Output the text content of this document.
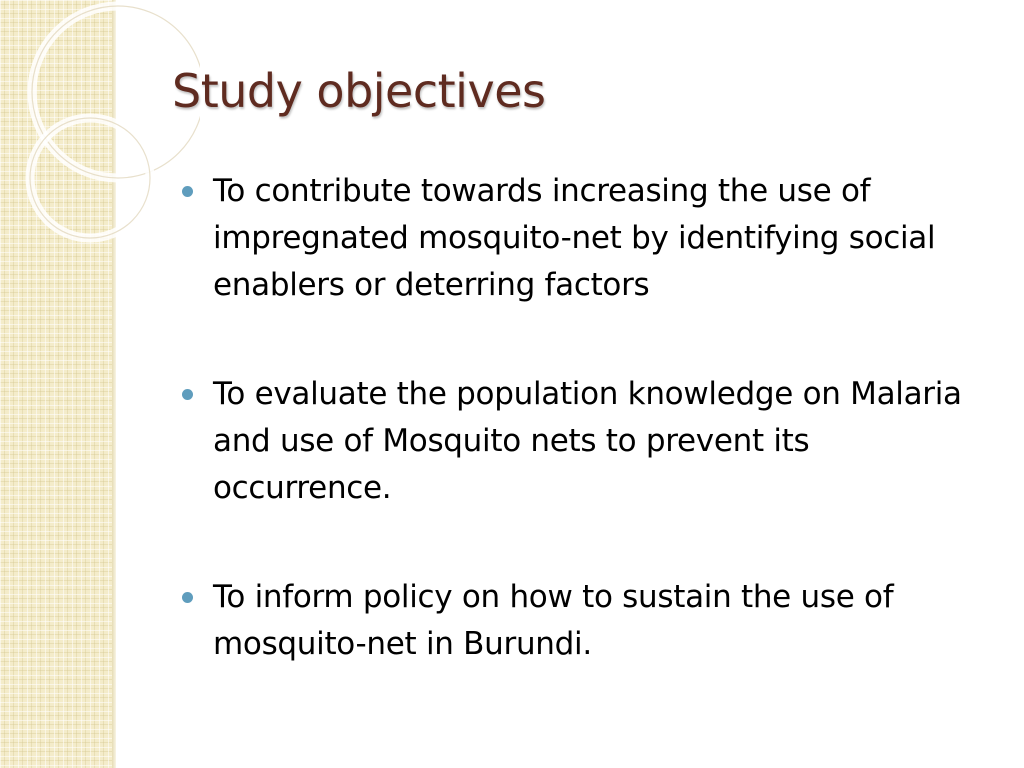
Study objectives
To contribute towards increasing the use of impregnated mosquito-net by identifying social enablers or deterring factors
To evaluate the population knowledge on Malaria and use of Mosquito nets to prevent its occurrence.
To inform policy on how to sustain the use of mosquito-net in Burundi.
